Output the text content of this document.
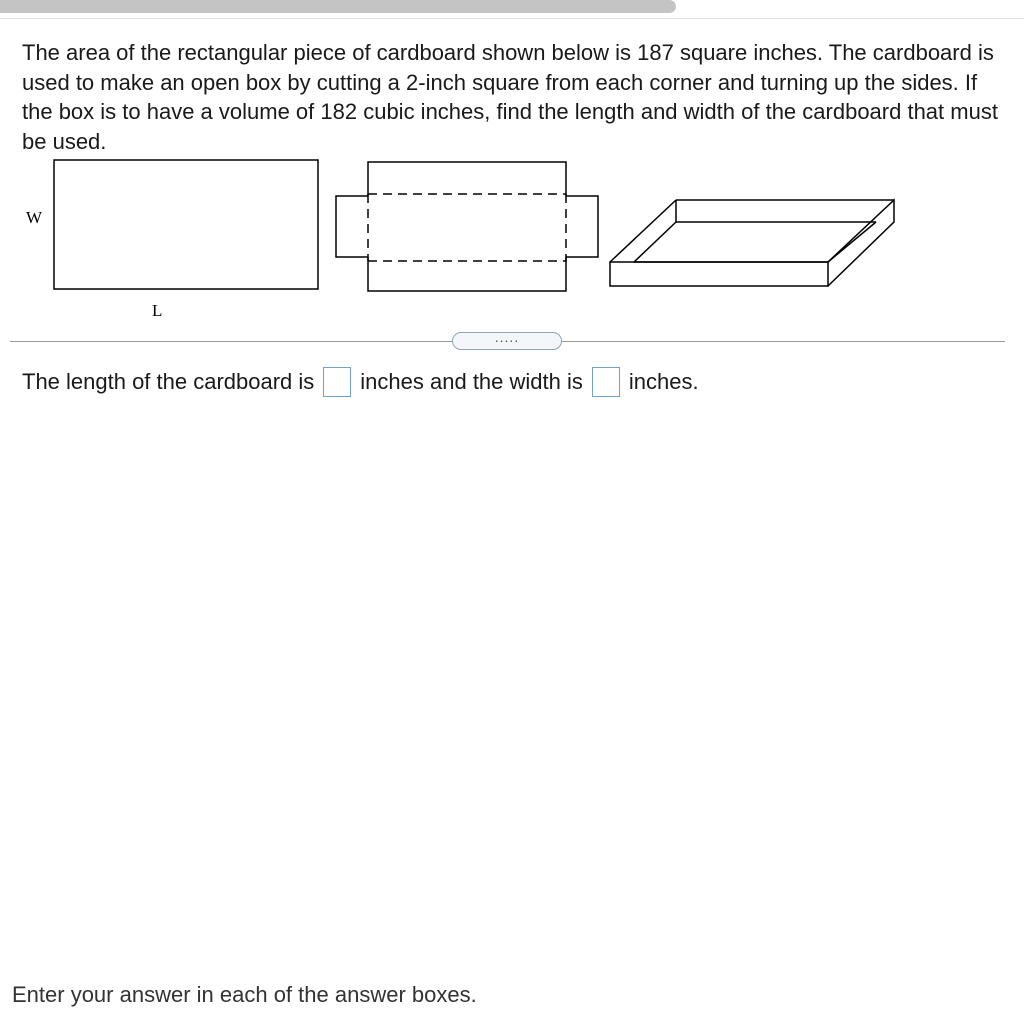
The area of the rectangular piece of cardboard shown below is 187 square inches. The cardboard is used to make an open box by cutting a 2-inch square from each corner and turning up the sides. If the box is to have a volume of 182 cubic inches, find the length and width of the cardboard that must be used.

W
L
.....
The length of the cardboard is inches and the width is inches.
Enter your answer in each of the answer boxes.
